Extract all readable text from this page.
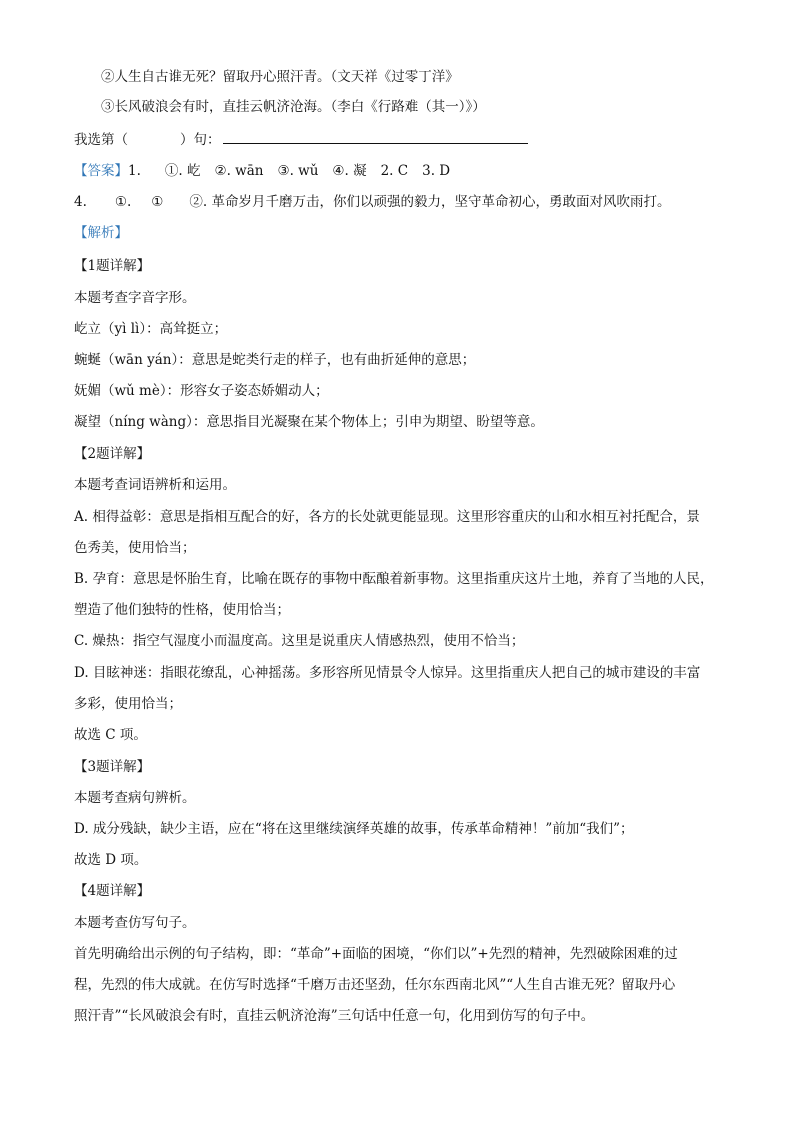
②人生自古谁无死？留取丹心照汗青。（文天祥《过零丁洋》
③长风破浪会有时，直挂云帆济沧海。（李白《行路难（其一）》）
我选第（	）句：
【答案】1. ①. 屹 ②. wān ③. wǔ ④. 凝 2. C 3. D
4. ①. ① ②. 革命岁月千磨万击，你们以顽强的毅力，坚守革命初心，勇敢面对风吹雨打。
【解析】
【1题详解】
本题考查字音字形。
屹立（yì lì）：高耸挺立；
蜿蜒（wān yán）：意思是蛇类行走的样子，也有曲折延伸的意思；
妩媚（wǔ mè）：形容女子姿态娇媚动人；
凝望（níng wàng）：意思指目光凝聚在某个物体上；引申为期望、盼望等意。
【2题详解】
本题考查词语辨析和运用。
A. 相得益彰：意思是指相互配合的好，各方的长处就更能显现。这里形容重庆的山和水相互衬托配合，景
色秀美，使用恰当；
B. 孕育：意思是怀胎生育，比喻在既存的事物中酝酿着新事物。这里指重庆这片土地，养育了当地的人民，
塑造了他们独特的性格，使用恰当；
C. 燥热：指空气湿度小而温度高。这里是说重庆人情感热烈，使用不恰当；
D. 目眩神迷：指眼花缭乱，心神摇荡。多形容所见情景令人惊异。这里指重庆人把自己的城市建设的丰富
多彩，使用恰当；
故选 C 项。
【3题详解】
本题考查病句辨析。
D. 成分残缺，缺少主语，应在“将在这里继续演绎英雄的故事，传承革命精神！”前加“我们”；
故选 D 项。
【4题详解】
本题考查仿写句子。
首先明确给出示例的句子结构，即：“革命”+面临的困境，“你们以”+先烈的精神，先烈破除困难的过
程，先烈的伟大成就。在仿写时选择“千磨万击还坚劲，任尔东西南北风”“人生自古谁无死？留取丹心
照汗青”“长风破浪会有时，直挂云帆济沧海”三句话中任意一句，化用到仿写的句子中。
